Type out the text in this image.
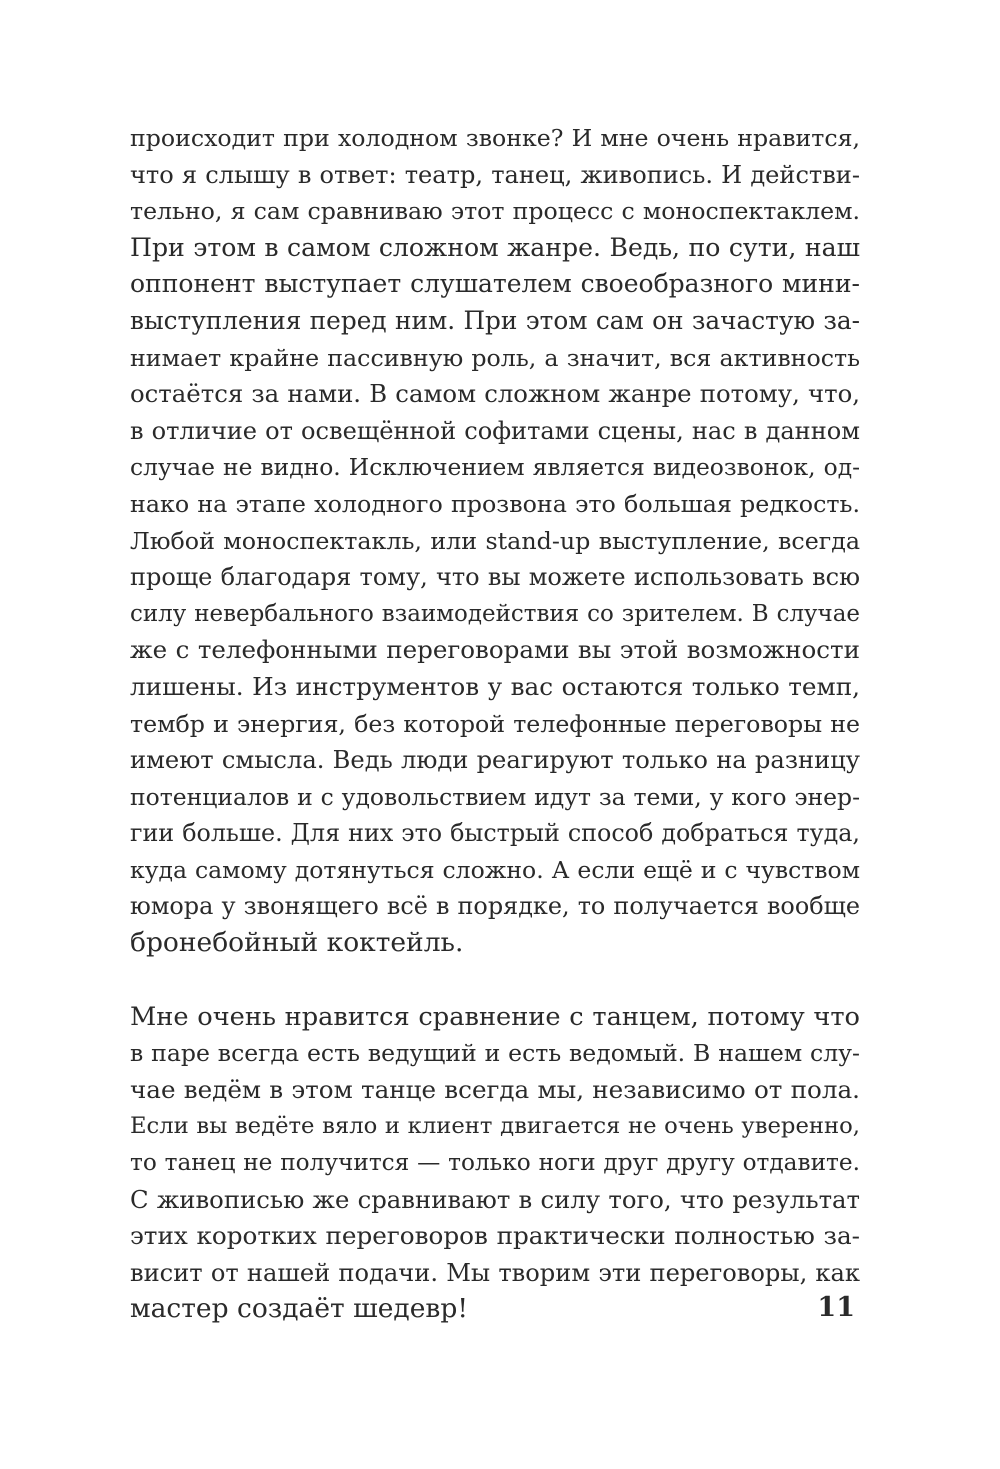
происходит при холодном звонке? И мне очень нравится,
что я слышу в ответ: театр, танец, живопись. И действи-
тельно, я сам сравниваю этот процесс с моноспектаклем.
При этом в самом сложном жанре. Ведь, по сути, наш
оппонент выступает слушателем своеобразного мини-
выступления перед ним. При этом сам он зачастую за-
нимает крайне пассивную роль, а значит, вся активность
остаётся за нами. В самом сложном жанре потому, что,
в отличие от освещённой софитами сцены, нас в данном
случае не видно. Исключением является видеозвонок, од-
нако на этапе холодного прозвона это большая редкость.
Любой моноспектакль, или stand-up выступление, всегда
проще благодаря тому, что вы можете использовать всю
силу невербального взаимодействия со зрителем. В случае
же с телефонными переговорами вы этой возможности
лишены. Из инструментов у вас остаются только темп,
тембр и энергия, без которой телефонные переговоры не
имеют смысла. Ведь люди реагируют только на разницу
потенциалов и с удовольствием идут за теми, у кого энер-
гии больше. Для них это быстрый способ добраться туда,
куда самому дотянуться сложно. А если ещё и с чувством
юмора у звонящего всё в порядке, то получается вообще
бронебойный коктейль.

Мне очень нравится сравнение с танцем, потому что
в паре всегда есть ведущий и есть ведомый. В нашем слу-
чае ведём в этом танце всегда мы, независимо от пола.
Если вы ведёте вяло и клиент двигается не очень уверенно,
то танец не получится — только ноги друг другу отдавите.
С живописью же сравнивают в силу того, что результат
этих коротких переговоров практически полностью за-
висит от нашей подачи. Мы творим эти переговоры, как
мастер создаёт шедевр!	11
